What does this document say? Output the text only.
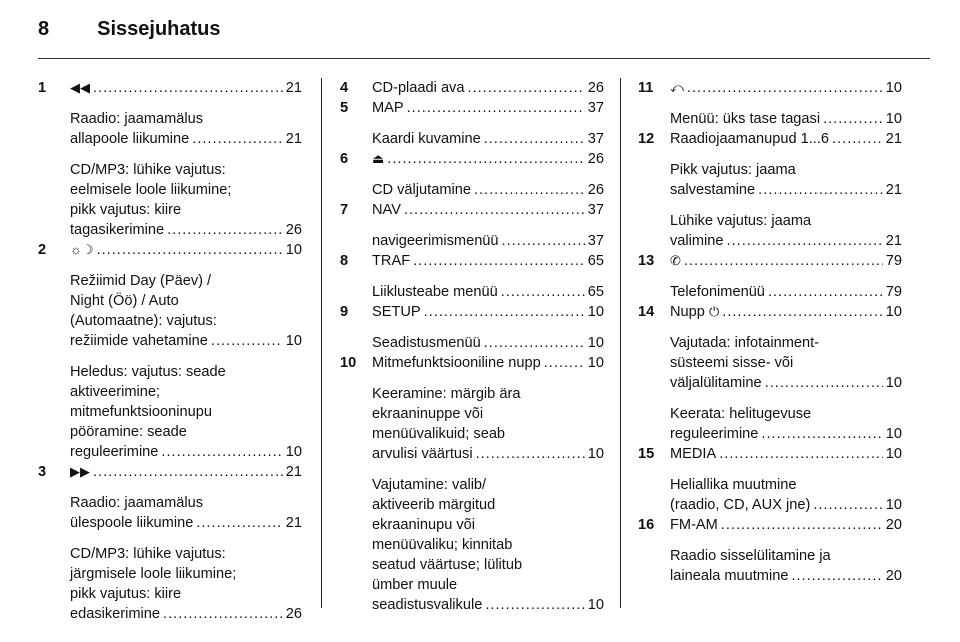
8 Sissejuhatus
1 ◀◀ .....	21
Raadio: jaamamälus
allapoole liikumine .....	21
CD/MP3: lühike vajutus:
eelmisele loole liikumine;
pikk vajutus: kiire
tagasikerimine .....	26
2 ☼☽ .....	10
Režiimid Day (Päev) /
Night (Öö) / Auto
(Automaatne): vajutus:
režiimide vahetamine .....	10
Heledus: vajutus: seade
aktiveerimine;
mitmefunktsiooninupu
pööramine: seade
reguleerimine .....	10
3 ▶▶ .....	21
Raadio: jaamamälus
ülespoole liikumine .....	21
CD/MP3: lühike vajutus:
järgmisele loole liikumine;
pikk vajutus: kiire
edasikerimine .....	26
4 CD-plaadi ava .....	26
5 MAP .....	37
Kaardi kuvamine .....	37
6 ⏏ .....	26
CD väljutamine .....	26
7 NAV .....	37
navigeerimismenüü .....	37
8 TRAF .....	65
Liiklusteabe menüü .....	65
9 SETUP .....	10
Seadistusmenüü .....	10
10 Mitmefunktsiooniline nupp .....	10
Keeramine: märgib ära
ekraaninuppe või
menüüvalikuid; seab
arvulisi väärtusi .....	10
Vajutamine: valib/
aktiveerib märgitud
ekraaninupu või
menüüvaliku; kinnitab
seatud väärtuse; lülitub
ümber muule
seadistusvalikule .....	10
11 ⤺ .....	10
Menüü: üks tase tagasi .....	10
12 Raadiojaamanupud 1...6 .....	21
Pikk vajutus: jaama
salvestamine .....	21
Lühike vajutus: jaama
valimine .....	21
13 ✆ .....	79
Telefonimenüü .....	79
14 Nupp
⏻ .....	10
Vajutada: infotainment-
süsteemi sisse- või
väljalülitamine .....	10
Keerata: helitugevuse
reguleerimine .....	10
15 MEDIA .....	10
Heliallika muutmine
(raadio, CD, AUX jne) .....	10
16 FM-AM .....	20
Raadio sisselülitamine ja
laineala muutmine .....	20
